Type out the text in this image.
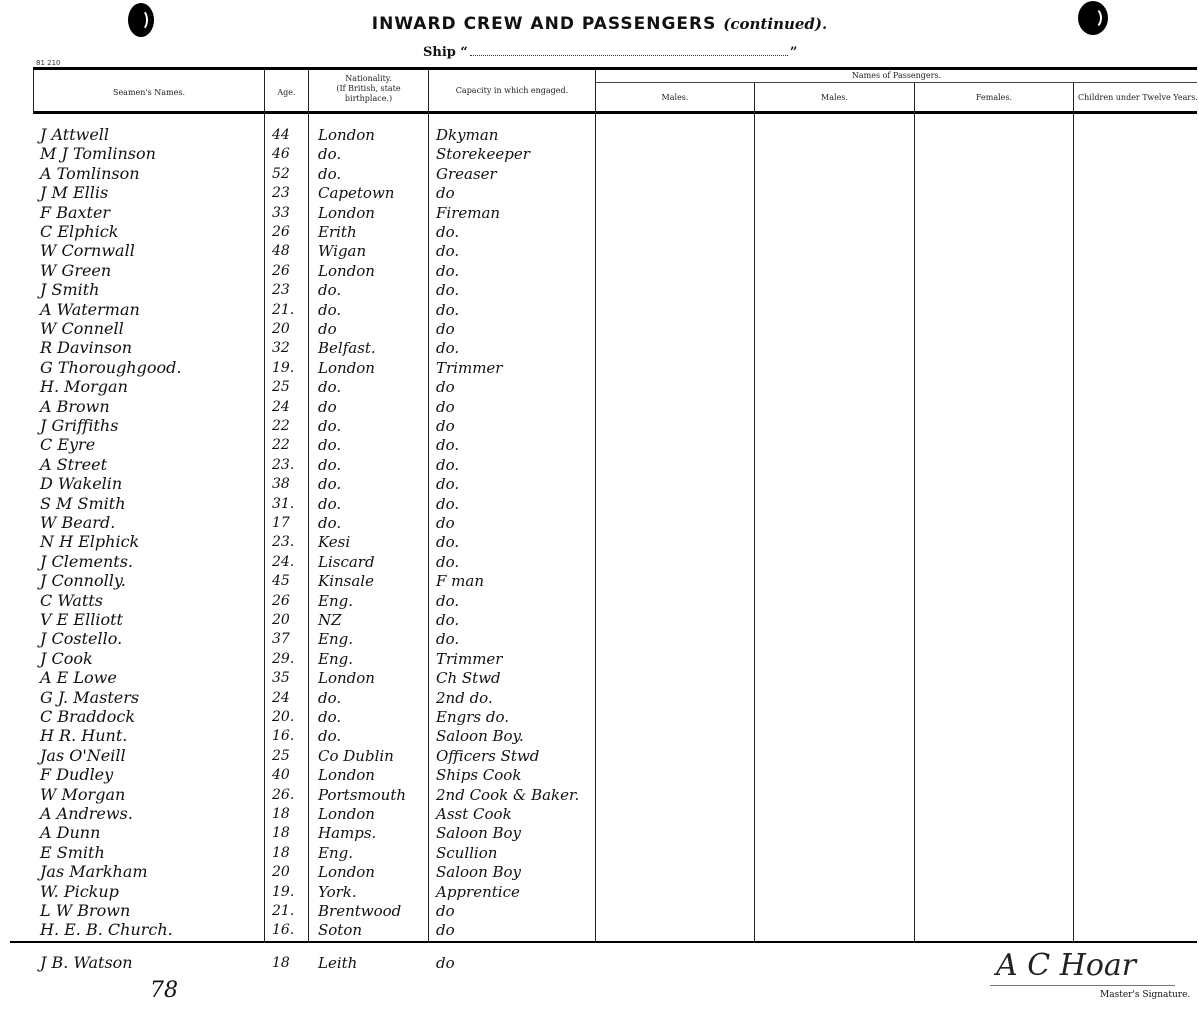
INWARD CREW AND PASSENGERS (continued).
Ship “	”
81 210
Seamen's Names.	Age.
Nationality.
(If British, state
birthplace.)
Capacity in which engaged.
Names of Passengers.
Males.	Males.	Females.	Children under Twelve Years.
J Attwell	44	London	Dkyman
M J Tomlinson	46	do.	Storekeeper
A Tomlinson	52	do.	Greaser
J M Ellis	23	Capetown	do
F Baxter	33	London	Fireman
C Elphick	26	Erith	do.
W Cornwall	48	Wigan	do.
W Green	26	London	do.
J Smith	23	do.	do.
A Waterman	21.	do.	do.
W Connell	20	do	do
R Davinson	32	Belfast.	do.
G Thoroughgood.	19.	London	Trimmer
H. Morgan	25	do.	do
A Brown	24	do	do
J Griffiths	22	do.	do
C Eyre	22	do.	do.
A Street	23.	do.	do.
D Wakelin	38	do.	do.
S M Smith	31.	do.	do.
W Beard.	17	do.	do
N H Elphick	23.	Kesi	do.
J Clements.	24.	Liscard	do.
J Connolly.	45	Kinsale	F man
C Watts	26	Eng.	do.
V E Elliott	20	NZ	do.
J Costello.	37	Eng.	do.
J Cook	29.	Eng.	Trimmer
A E Lowe	35	London	Ch Stwd
G J. Masters	24	do.	2nd do.
C Braddock	20.	do.	Engrs do.
H R. Hunt.	16.	do.	Saloon Boy.
Jas O'Neill	25	Co Dublin	Officers Stwd
F Dudley	40	London	Ships Cook
W Morgan	26.	Portsmouth 2nd Cook & Baker.
A Andrews.	18	London	Asst Cook
A Dunn	18	Hamps.	Saloon Boy
E Smith	18	Eng.	Scullion
Jas Markham	20	London	Saloon Boy
W. Pickup	19.	York.	Apprentice
L W Brown	21.	Brentwood do
H. E. B. Church.	16.	Soton	do
J B. Watson	18	Leith	do
78
A C Hoar
Master's Signature.
